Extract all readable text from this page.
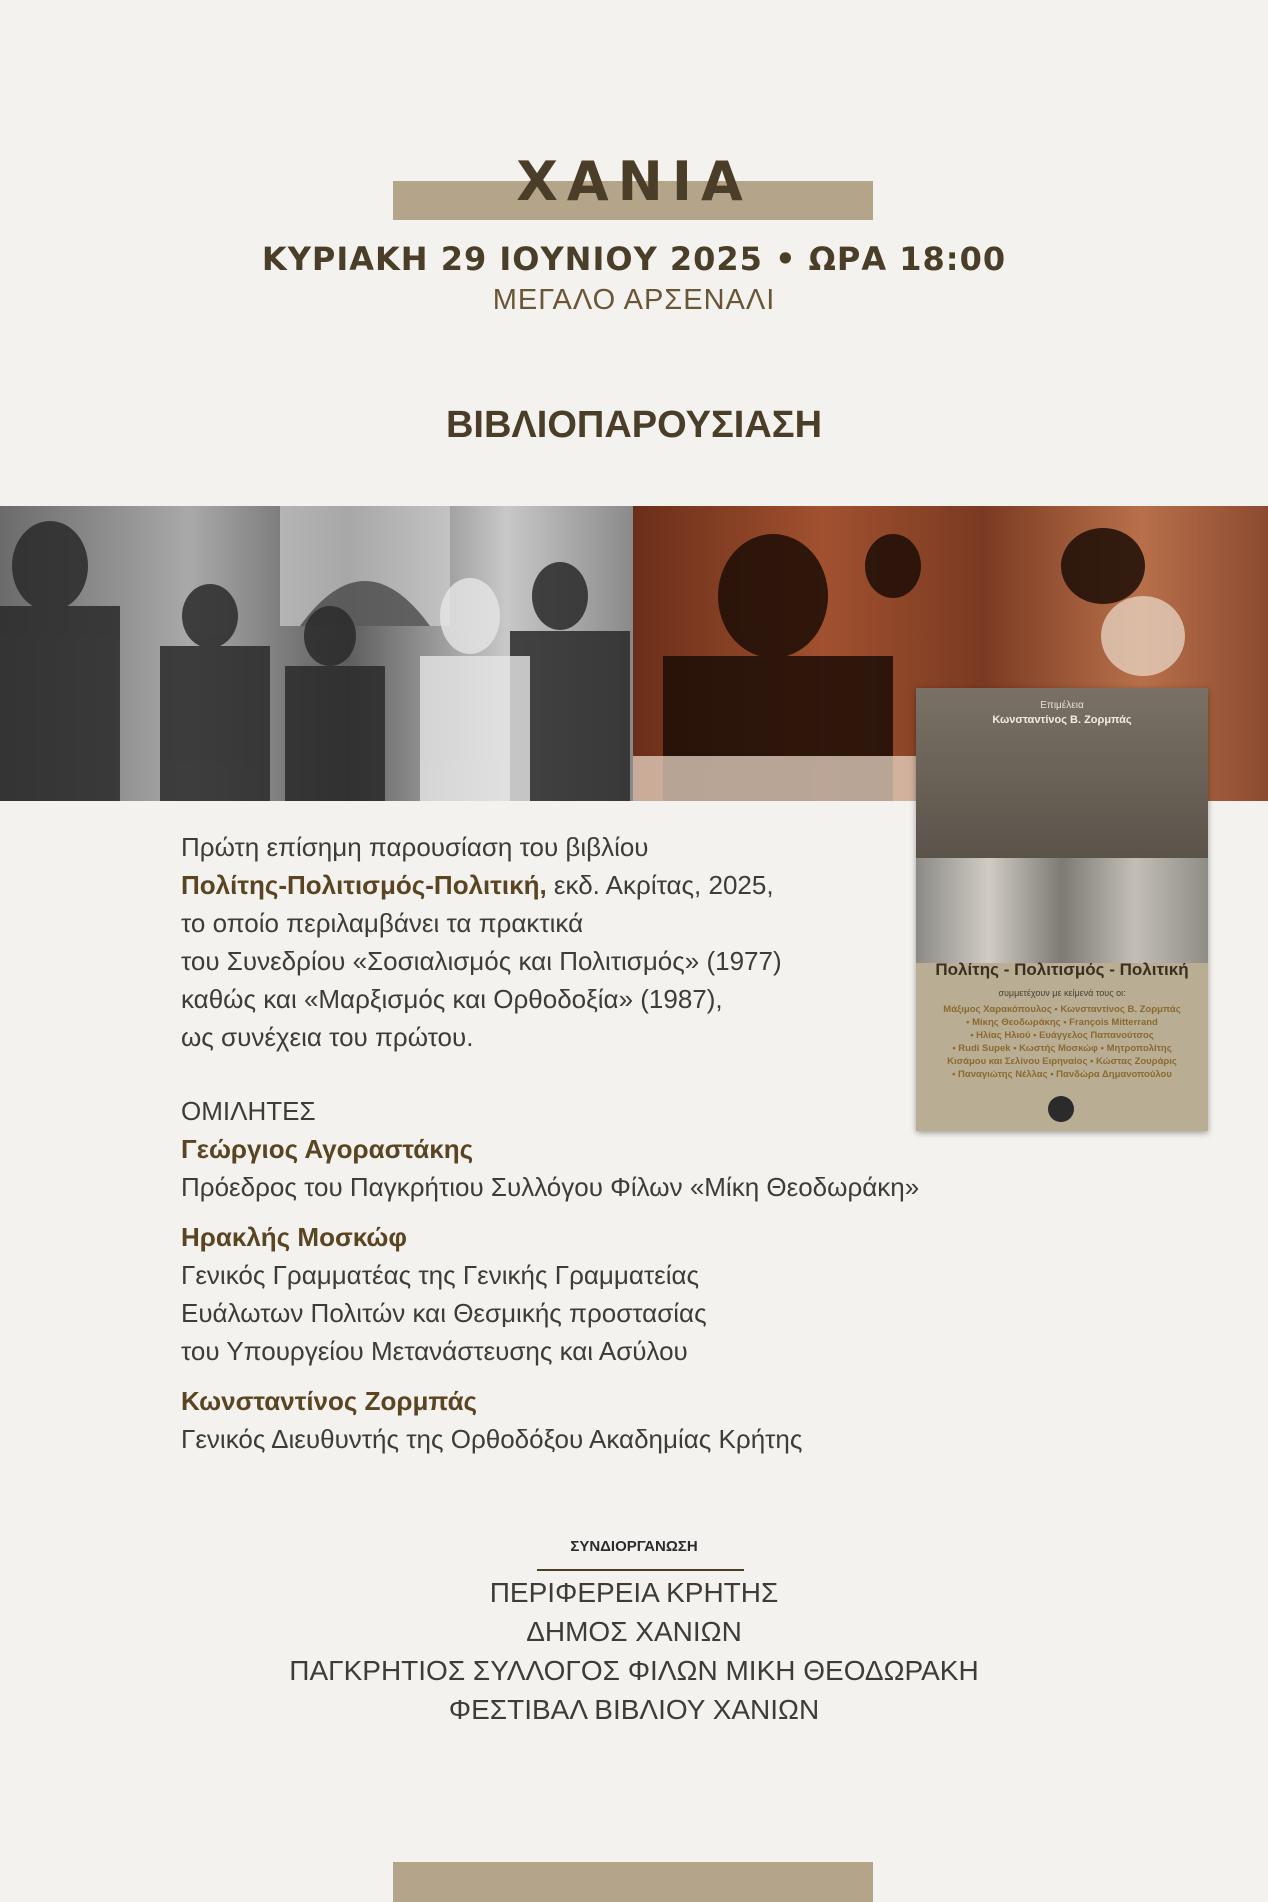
ΧΑΝΙΑ
ΚΥΡΙΑΚΗ 29 ΙΟΥΝΙΟΥ 2025 • ΩΡΑ 18:00
ΜΕΓΑΛΟ ΑΡΣΕΝΑΛΙ
ΒΙΒΛΙΟΠΑΡΟΥΣΙΑΣΗ
Επιμέλεια
Κωνσταντίνος Β. Ζορμπάς
Πολίτης - Πολιτισμός - Πολιτική
συμμετέχουν με κείμενά τους οι:
Μάξιμος Χαρακόπουλος • Κωνσταντίνος Β. Ζορμπάς
• Μίκης Θεοδωράκης • François Mitterrand
• Ηλίας Ηλιού • Ευάγγελος Παπανούτσος
• Rudi Supek • Κωστής Μοσκώφ • Μητροπολίτης
Κισάμου και Σελίνου Ειρηναίος • Κώστας Ζουράρις
• Παναγιώτης Νέλλας • Πανδώρα Δημανοπούλου
Πρώτη επίσημη παρουσίαση του βιβλίου
Πολίτης-Πολιτισμός-Πολιτική, εκδ. Ακρίτας, 2025,
το οποίο περιλαμβάνει τα πρακτικά
του Συνεδρίου «Σοσιαλισμός και Πολιτισμός» (1977)
καθώς και «Μαρξισμός και Ορθοδοξία» (1987),
ως συνέχεια του πρώτου.
ΟΜΙΛΗΤΕΣ
Γεώργιος Αγοραστάκης
Πρόεδρος του Παγκρήτιου Συλλόγου Φίλων «Μίκη Θεοδωράκη»
Ηρακλής Μοσκώφ
Γενικός Γραμματέας της Γενικής Γραμματείας
Ευάλωτων Πολιτών και Θεσμικής προστασίας
του Υπουργείου Μετανάστευσης και Ασύλου
Κωνσταντίνος Ζορμπάς
Γενικός Διευθυντής της Ορθοδόξου Ακαδημίας Κρήτης
ΣΥΝΔΙΟΡΓΑΝΩΣΗ
ΠΕΡΙΦΕΡΕΙΑ ΚΡΗΤΗΣ
ΔΗΜΟΣ ΧΑΝΙΩΝ
ΠΑΓΚΡΗΤΙΟΣ ΣΥΛΛΟΓΟΣ ΦΙΛΩΝ ΜΙΚΗ ΘΕΟΔΩΡΑΚΗ
ΦΕΣΤΙΒΑΛ ΒΙΒΛΙΟΥ ΧΑΝΙΩΝ
